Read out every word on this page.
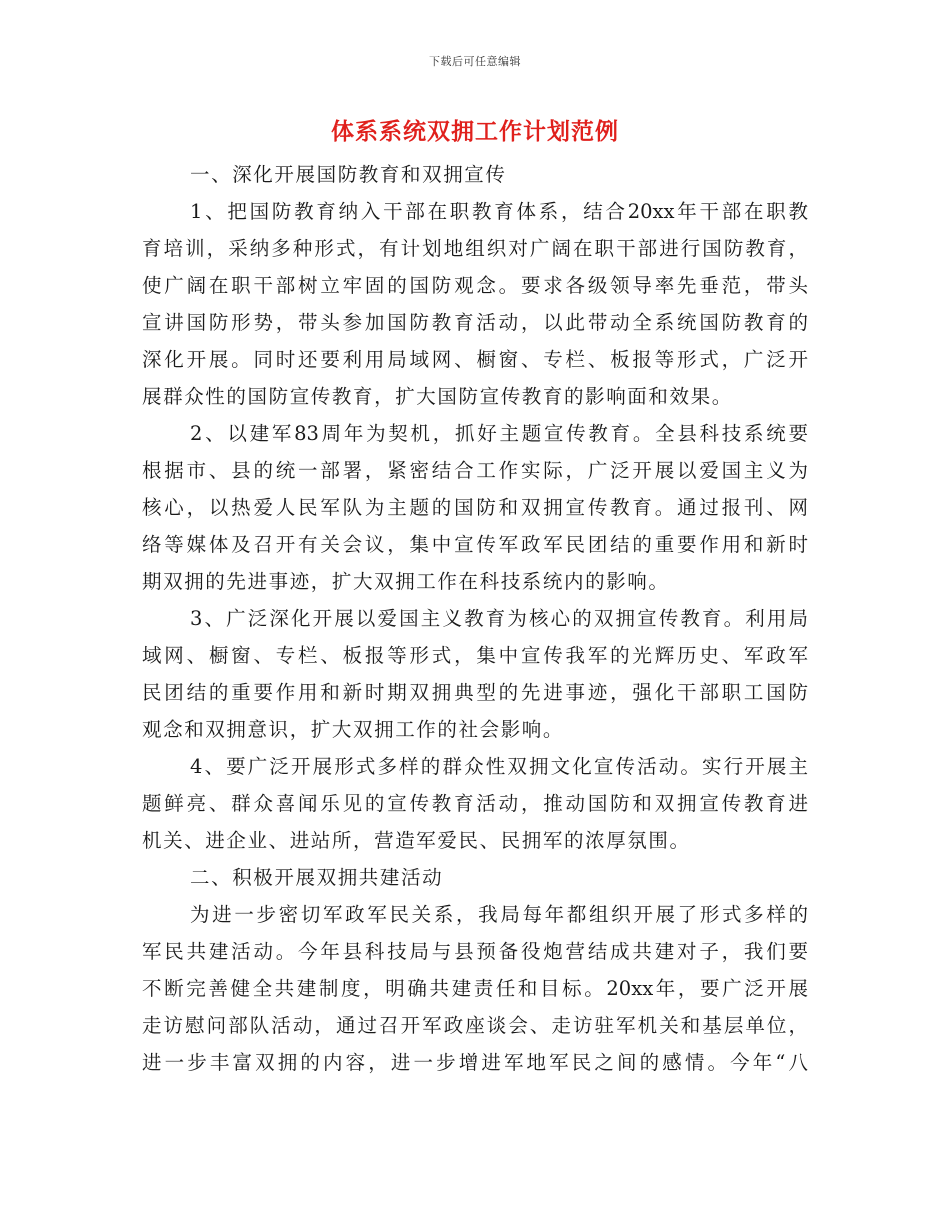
下载后可任意编辑
体系系统双拥工作计划范例
一、深化开展国防教育和双拥宣传
1、把国防教育纳入干部在职教育体系，结合20xx年干部在职教
育培训，采纳多种形式，有计划地组织对广阔在职干部进行国防教育，
使广阔在职干部树立牢固的国防观念。要求各级领导率先垂范，带头
宣讲国防形势，带头参加国防教育活动，以此带动全系统国防教育的
深化开展。同时还要利用局域网、橱窗、专栏、板报等形式，广泛开
展群众性的国防宣传教育，扩大国防宣传教育的影响面和效果。
2、以建军83周年为契机，抓好主题宣传教育。全县科技系统要
根据市、县的统一部署，紧密结合工作实际，广泛开展以爱国主义为
核心，以热爱人民军队为主题的国防和双拥宣传教育。通过报刊、网
络等媒体及召开有关会议，集中宣传军政军民团结的重要作用和新时
期双拥的先进事迹，扩大双拥工作在科技系统内的影响。
3、广泛深化开展以爱国主义教育为核心的双拥宣传教育。利用局
域网、橱窗、专栏、板报等形式，集中宣传我军的光辉历史、军政军
民团结的重要作用和新时期双拥典型的先进事迹，强化干部职工国防
观念和双拥意识，扩大双拥工作的社会影响。
4、要广泛开展形式多样的群众性双拥文化宣传活动。实行开展主
题鲜亮、群众喜闻乐见的宣传教育活动，推动国防和双拥宣传教育进
机关、进企业、进站所，营造军爱民、民拥军的浓厚氛围。
二、积极开展双拥共建活动
为进一步密切军政军民关系，我局每年都组织开展了形式多样的
军民共建活动。今年县科技局与县预备役炮营结成共建对子，我们要
不断完善健全共建制度，明确共建责任和目标。20xx年，要广泛开展
走访慰问部队活动，通过召开军政座谈会、走访驻军机关和基层单位，
进一步丰富双拥的内容，进一步增进军地军民之间的感情。今年“八
